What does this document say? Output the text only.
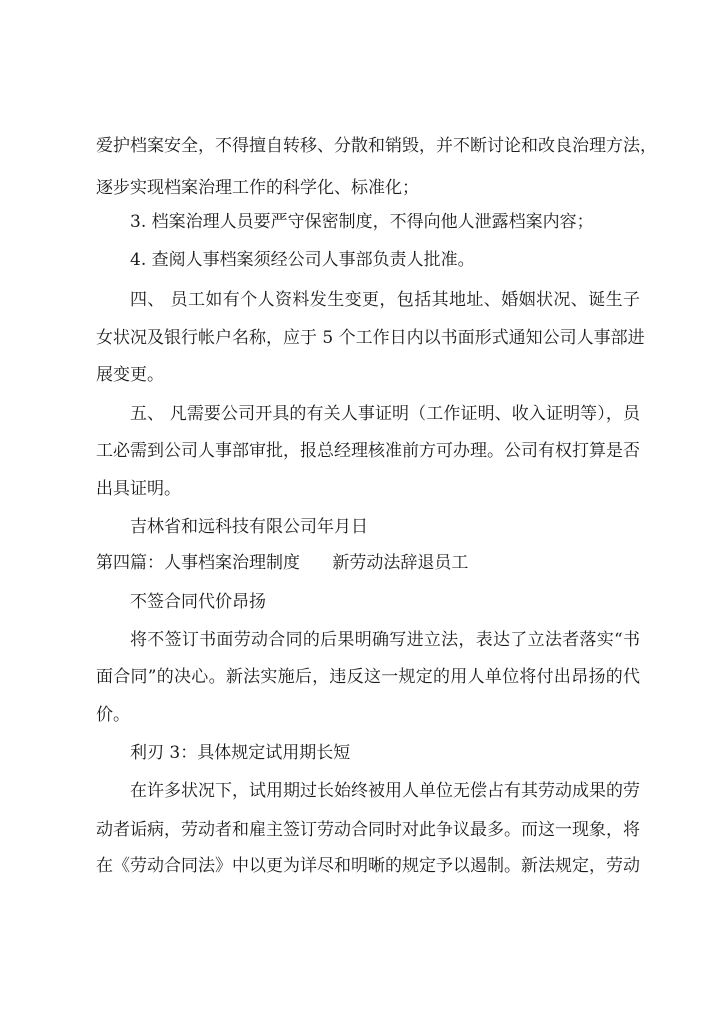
爱护档案安全，不得擅自转移、分散和销毁，并不断讨论和改良治理方法，
逐步实现档案治理工作的科学化、标准化；
3. 档案治理人员要严守保密制度，不得向他人泄露档案内容；
4. 查阅人事档案须经公司人事部负责人批准。
四、 员工如有个人资料发生变更，包括其地址、婚姻状况、诞生子
女状况及银行帐户名称，应于 5 个工作日内以书面形式通知公司人事部进
展变更。
五、 凡需要公司开具的有关人事证明（工作证明、收入证明等），员
工必需到公司人事部审批，报总经理核准前方可办理。公司有权打算是否
出具证明。
吉林省和远科技有限公司年月日
第四篇：人事档案治理制度      新劳动法辞退员工
不签合同代价昂扬
将不签订书面劳动合同的后果明确写进立法，表达了立法者落实“书
面合同”的决心。新法实施后，违反这一规定的用人单位将付出昂扬的代
价。
利刃 3：具体规定试用期长短
在许多状况下，试用期过长始终被用人单位无偿占有其劳动成果的劳
动者诟病，劳动者和雇主签订劳动合同时对此争议最多。而这一现象，将
在《劳动合同法》中以更为详尽和明晰的规定予以遏制。新法规定，劳动
